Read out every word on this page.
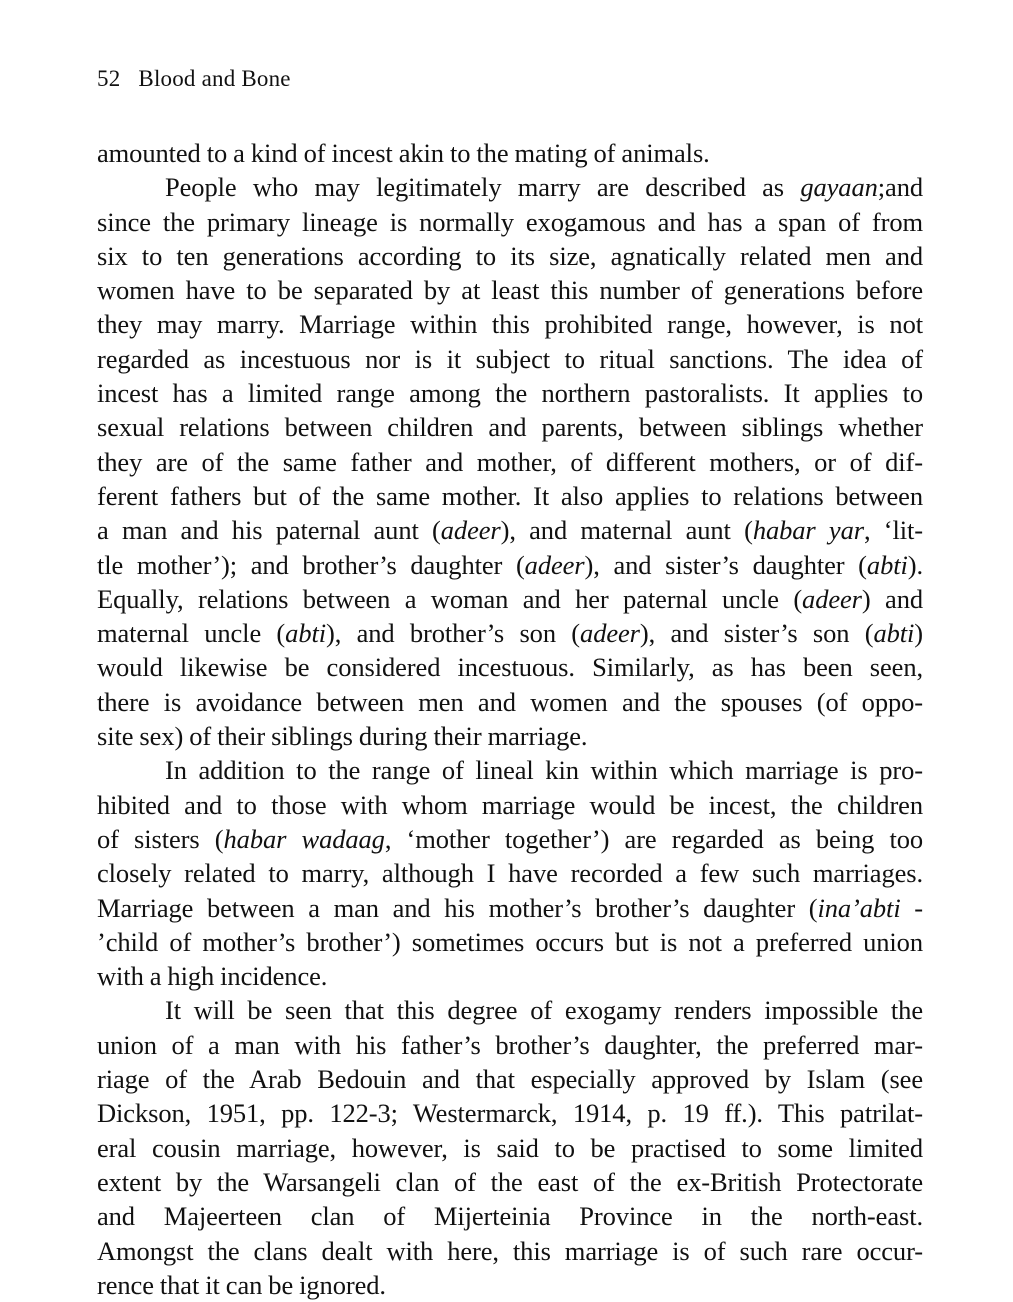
52 Blood and Bone
amounted to a kind of incest akin to the mating of animals.
People who may legitimately marry are described as gayaan;and
since the primary lineage is normally exogamous and has a span of from
six to ten generations according to its size, agnatically related men and
women have to be separated by at least this number of generations before
they may marry. Marriage within this prohibited range, however, is not
regarded as incestuous nor is it subject to ritual sanctions. The idea of
incest has a limited range among the northern pastoralists. It applies to
sexual relations between children and parents, between siblings whether
they are of the same father and mother, of different mothers, or of dif-
ferent fathers but of the same mother. It also applies to relations between
a man and his paternal aunt (adeer), and maternal aunt (habar yar, ‘lit-
tle mother’); and brother’s daughter (adeer), and sister’s daughter (abti).
Equally, relations between a woman and her paternal uncle (adeer) and
maternal uncle (abti), and brother’s son (adeer), and sister’s son (abti)
would likewise be considered incestuous. Similarly, as has been seen,
there is avoidance between men and women and the spouses (of oppo-
site sex) of their siblings during their marriage.
In addition to the range of lineal kin within which marriage is pro-
hibited and to those with whom marriage would be incest, the children
of sisters (habar wadaag, ‘mother together’) are regarded as being too
closely related to marry, although I have recorded a few such marriages.
Marriage between a man and his mother’s brother’s daughter (ina’abti -
’child of mother’s brother’) sometimes occurs but is not a preferred union
with a high incidence.
It will be seen that this degree of exogamy renders impossible the
union of a man with his father’s brother’s daughter, the preferred mar-
riage of the Arab Bedouin and that especially approved by Islam (see
Dickson, 1951, pp. 122-3; Westermarck, 1914, p. 19 ff.). This patrilat-
eral cousin marriage, however, is said to be practised to some limited
extent by the Warsangeli clan of the east of the ex-British Protectorate
and Majeerteen clan of Mijerteinia Province in the north-east.
Amongst the clans dealt with here, this marriage is of such rare occur-
rence that it can be ignored.
